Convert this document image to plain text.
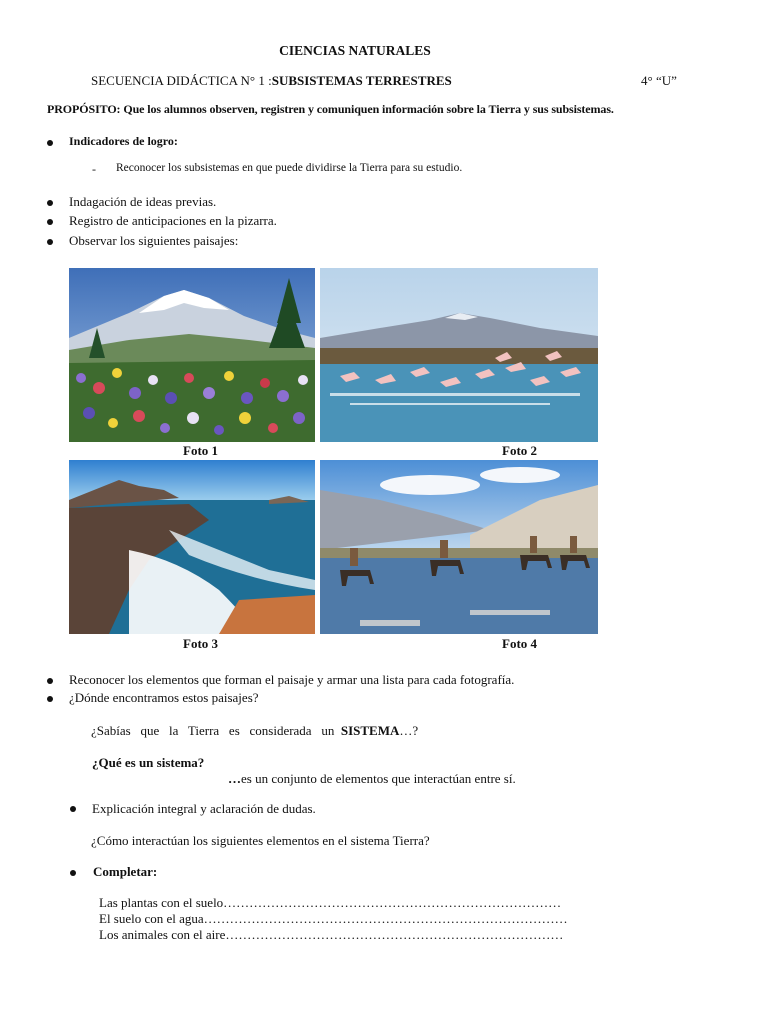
CIENCIAS NATURALES
SECUENCIA DIDÁCTICA N° 1 :SUBSISTEMAS TERRESTRES	4° “U”
PROPÓSITO: Que los alumnos observen, registren y comuniquen información sobre la Tierra y sus subsistemas.
Indicadores de logro:
- Reconocer los subsistemas en que puede dividirse la Tierra para su estudio.
Indagación de ideas previas.
Registro de anticipaciones en la pizarra.
Observar los siguientes paisajes:
Foto 1	Foto 2
Foto 3	Foto 4
Reconocer los elementos que forman el paisaje y armar una lista para cada fotografía.
¿Dónde encontramos estos paisajes?
¿Sabías   que   la   Tierra   es   considerada   un  SISTEMA…?
¿Qué es un sistema?
…es un conjunto de elementos que interactúan entre sí.
Explicación integral y aclaración de dudas.
¿Cómo interactúan los siguientes elementos en el sistema Tierra?
Completar:
Las plantas con el suelo……………………………………………………………………
El suelo con el agua…………………………………………………………………………
Los animales con el aire……………………………………………………………………
